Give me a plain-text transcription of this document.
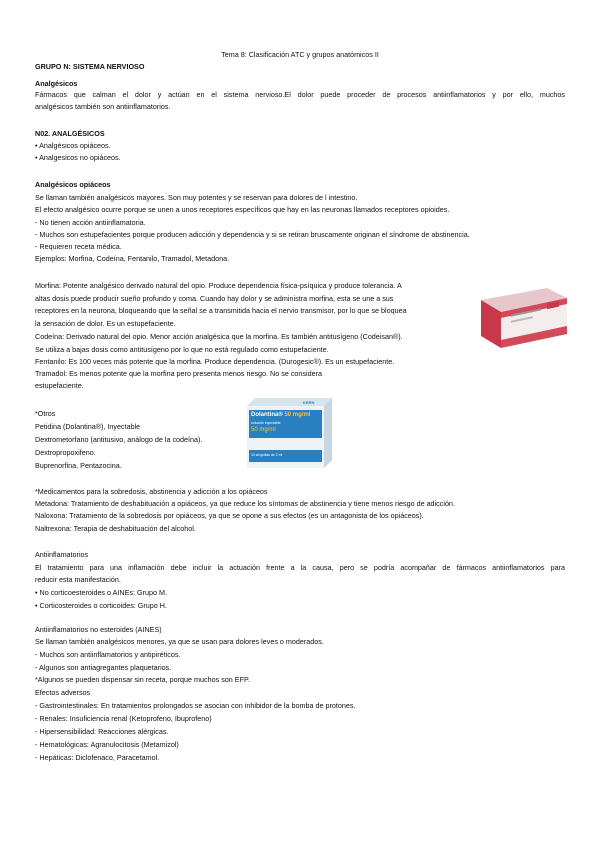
Tema 8: Clasificación ATC y grupos anatómicos II
GRUPO N: SISTEMA NERVIOSO
Analgésicos
Fármacos que calman el dolor y actúan en el sistema nervioso.El dolor puede proceder de procesos antiinflamatorios y por ello, muchos
analgésicos también son antiinflamatorios.
N02. ANALGÉSICOS
• Analgésicos opiáceos.
• Analgesicos no opiáceos.
Analgésicos opiáceos
Se llaman también analgésicos mayores. Son muy potentes y se reservan para dolores de l intestino.
El efecto analgésico ocurre porque se unen a unos receptores específicos que hay en las neuronas llamados receptores opioides.
- No tienen acción antiinflamatoria.
- Muchos son estupefacientes porque producen adicción y dependencia y si se retiran bruscamente originan el síndrome de abstinencia.
- Requieren receta médica.
Ejemplos: Morfina, Codeína, Fentanilo, Tramadol, Metadona.
Morfina: Potente analgésico derivado natural del opio. Produce dependencia física-psíquica y produce tolerancia. A
altas dosis puede producir sueño profundo y coma. Cuando hay dolor y se administra morfina, esta se une a sus
receptores en la neurona, bloqueando que la señal se a transmitida hacia el nervio transmisor, por lo que se bloquea
la sensación de dolor. Es un estupefaciente.
Codeína: Derivado natural del opio. Menor acción analgésica que la morfina. Es también antitusígeno (Codeisan®).
Se utiliza a bajas dosis como antitusígeno por lo que no está regulado como estupefaciente.
Fentanilo: Es 100 veces más potente que la morfina. Produce dependencia. (Durogesic®). Es un estupefaciente.
Tramadol: Es menos potente que la morfina pero presenta menos riesgo. No se considera
estupefaciente.
*Otros
Petidina (Dolantina®), Inyectable
Dextrometorfano (antitusivo, análogo de la codeína).
Dextropropoxifeno.
Buprenorfina, Pentazocina.
KERN
Dolantina® 50 mg/ml
solución inyectable
50 mg/ml
10 ampollas de 2 ml
*Medicamentos para la sobredosis, abstinencia y adicción a los opiáceos
Metadona: Tratamiento de deshabituación a opiáceos, ya que reduce los síntomas de abstinencia y tiene menos riesgo de adicción.
Naloxona: Tratamiento de la sobredosis por opiáceos, ya que se opone a sus efectos (es un antagonista de los opiáceos).
Naltrexona: Terapia de deshabituación del alcohol.
Antiinflamatorios
El tratamiento para una inflamación debe incluir la actuación frente a la causa, pero se podría acompañar de fármacos antiinflamatorios para
reducir esta manifestación.
• No corticoesteroides o AINEs: Grupo M.
• Corticosteroides o corticoides: Grupo H.
Antiinflamatorios no esteroides (AINES)
Se llaman también analgésicos menores, ya que se usan para dolores leves o moderados.
- Muchos son antiinflamatorios y antipiréticos.
- Algunos son antiagregantes plaquetarios.
*Algunos se pueden dispensar sin receta, porque muchos son EFP.
Efectos adversos
- Gastrointestinales: En tratamientos prolongados se asocian con inhibidor de la bomba de protones.
- Renales: Insuficiencia renal (Ketoprofeno, Ibuprofeno)
- Hipersensibilidad: Reacciones alérgicas.
- Hematológicas: Agranulocitosis (Metamizol)
- Hepáticas: Diclofenaco, Paracetamol.
